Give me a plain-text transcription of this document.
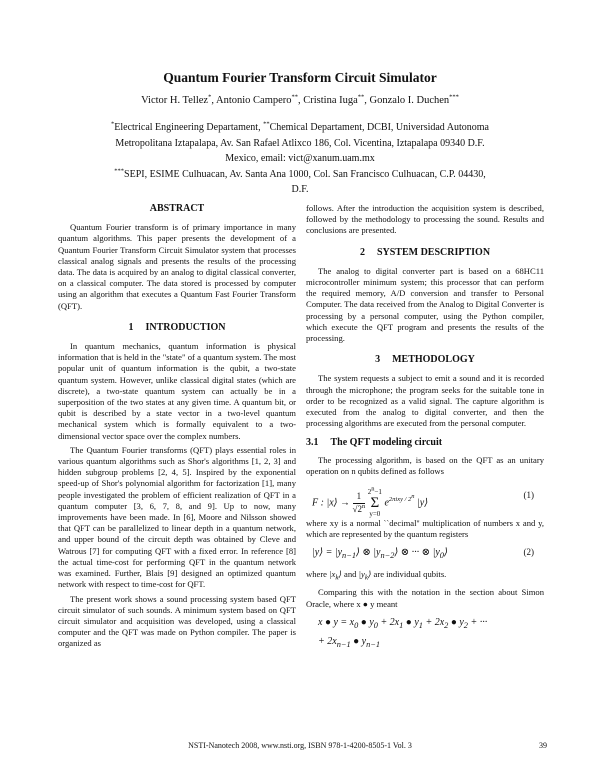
Quantum Fourier Transform Circuit Simulator
Victor H. Tellez*, Antonio Campero**, Cristina Iuga**, Gonzalo I. Duchen***
*Electrical Engineering Departament, **Chemical Departament, DCBI, Universidad Autonoma Metropolitana Iztapalapa, Av. San Rafael Atlixco 186, Col. Vicentina, Iztapalapa 09340 D.F. Mexico, email: vict@xanum.uam.mx
***SEPI, ESIME Culhuacan, Av. Santa Ana 1000, Col. San Francisco Culhuacan, C.P. 04430, D.F.
ABSTRACT

Quantum Fourier transform is of primary importance in many quantum algorithms. This paper presents the development of a Quantum Fourier Transform Circuit Simulator system that processes classical analog signals and presents the results of the processing data. The data is acquired by an analog to digital classical converter, on a classical computer. The data stored is processed by computer using an algorithm that executes a Quantum Fast Fourier Transform (QFT).

1 INTRODUCTION

In quantum mechanics, quantum information is physical information that is held in the "state" of a quantum system. The most popular unit of quantum information is the qubit, a two-state quantum system. However, unlike classical digital states (which are discrete), a two-state quantum system can actually be in a superposition of the two states at any given time. A quantum bit, or qubit is described by a state vector in a two-level quantum mechanical system which is formally equivalent to a two-dimensional vector space over the complex numbers.

The Quantum Fourier transforms (QFT) plays essential roles in various quantum algorithms such as Shor's algorithms [1, 2, 3] and hidden subgroup problems [2, 4, 5]. Inspired by the exponential speed-up of Shor's polynomial algorithm for factorization [1], many people investigated the problem of efficient realization of QFT in a quantum computer [3, 6, 7, 8, and 9]. Up to now, many improvements have been made. In [6], Moore and Nilsson showed that QFT can be parallelized to linear depth in a quantum network, and upper bound of the circuit depth was obtained by Cleve and Watrous [7] for computing QFT with a fixed error. In reference [8] the actual time-cost for performing QFT in the quantum network was examined. Further, Blais [9] designed an optimized quantum network with respect to time-cost for QFT.

The present work shows a sound processing system based QFT circuit simulator of such sounds. A minimum system based on QFT circuit simulator and acquisition was developed, using a classical computer and the QFT was made on Python compiler. The paper is organized as

follows. After the introduction the acquisition system is described, followed by the methodology to processing the sound. Results and conclusions are presented.

2 SYSTEM DESCRIPTION

The analog to digital converter part is based on a 68HC11 microcontroller minimum system; this processor that can perform the required memory, A/D conversion and transfer to Personal Computer. The data received from the Analog to Digital Converter is processing by a personal computer, using the Python compiler, which execute the QFT program and presents the results of the processing.

3 METHODOLOGY

The system requests a subject to emit a sound and it is recorded through the microphone; the program seeks for the suitable tone in order to be recognized as a valid signal. The capture algorithm is executed from the analog to digital converter, and then the processing algorithms are executed from the personal computer.

3.1 The QFT modeling circuit

The processing algorithm, is based on the QFT as an unitary operation on n qubits defined as follows

F : |x⟩ → $\frac{1}{√2^n} 2^n-1$
Σ
y=0 $e^{2\pi ixy / 2^n}$ |y⟩
(1)

where xy is a normal ``decimal'' multiplication of numbers x and y, which are represented by the quantum registers

|y⟩ = $|y_{n-1}⟩$ ⊗ $|y_{n-2}⟩$ ⊗ ··· ⊗ $|y_0⟩$	(2)

where $|x_k⟩$ and $|y_k⟩$ are individual qubits.

Comparing this with the notation in the section about Simon Oracle, where x ● y meant

x ● $y = x_0$ ● $y_0 + 2x_1$ ● $y_1 + 2x_2$ ● $y_2$ + ···
+ $2x_{n-1}$ ● $y_{n-1}$
NSTI-Nanotech 2008, www.nsti.org, ISBN 978-1-4200-8505-1 Vol. 3	39
